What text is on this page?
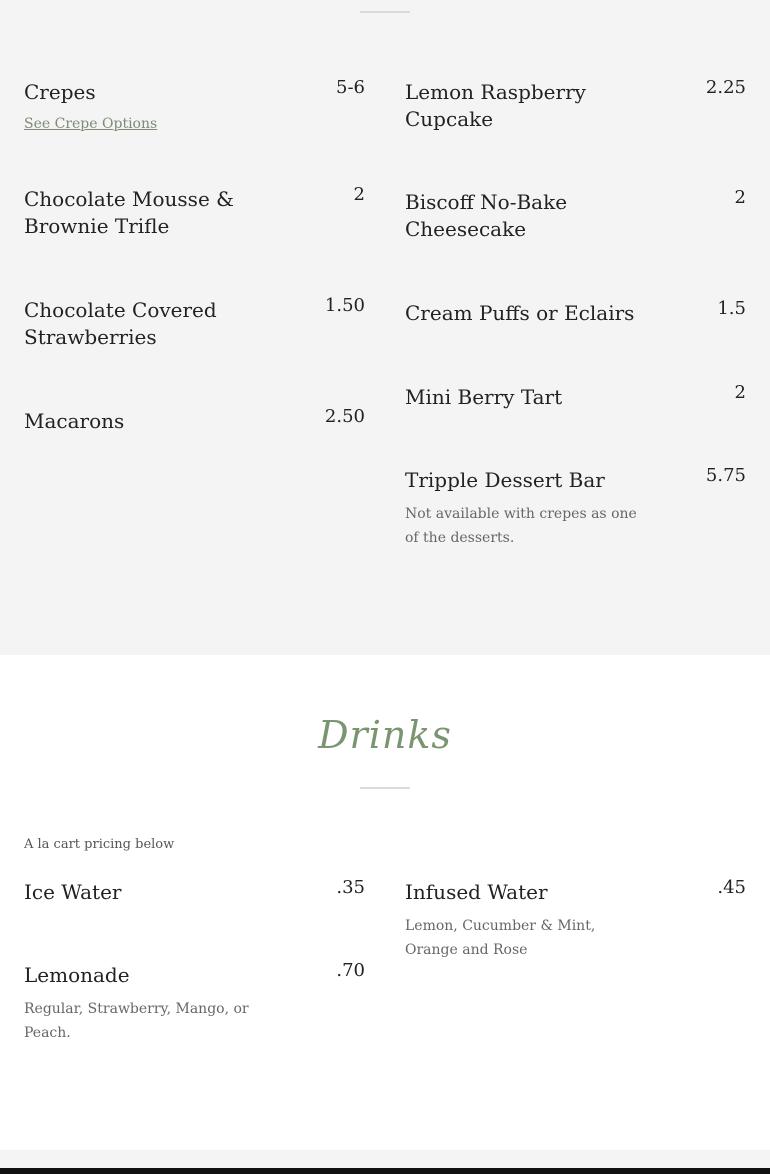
Crepes	5-6
See Crepe Options
Chocolate Mousse & Brownie Trifle
2
Chocolate Covered Strawberries
1.50
Macarons	2.50
Lemon Raspberry Cupcake
2.25
Biscoff No-Bake Cheesecake
2
Cream Puffs or Eclairs	1.5
Mini Berry Tart	2
Tripple Dessert Bar	5.75
Not available with crepes as one of the desserts.
Drinks
A la cart pricing below
Ice Water	.35
Lemonade	.70
Regular, Strawberry, Mango, or Peach.
Infused Water	.45
Lemon, Cucumber & Mint, Orange and Rose
